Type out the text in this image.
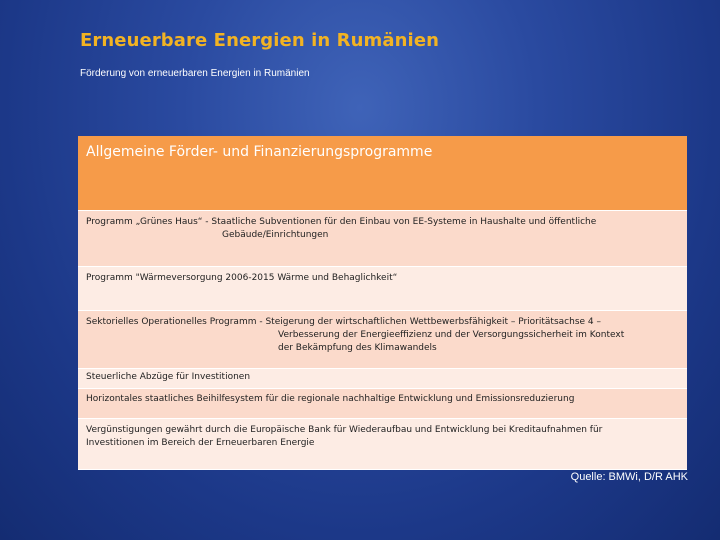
Erneuerbare Energien in Rumänien
Förderung von erneuerbaren Energien in Rumänien
Allgemeine Förder- und Finanzierungsprogramme

Programm „Grünes Haus“ - Staatliche Subventionen für den Einbau von EE-Systeme in Haushalte und öffentliche
Gebäude/Einrichtungen

Programm "Wärmeversorgung 2006-2015 Wärme und Behaglichkeit“

Sektorielles Operationelles Programm - Steigerung der wirtschaftlichen Wettbewerbsfähigkeit – Prioritätsachse 4 –
Verbesserung der Energieeffizienz und der Versorgungssicherheit im Kontext
der Bekämpfung des Klimawandels

Steuerliche Abzüge für Investitionen

Horizontales staatliches Beihilfesystem für die regionale nachhaltige Entwicklung und Emissionsreduzierung

Vergünstigungen gewährt durch die Europäische Bank für Wiederaufbau und Entwicklung bei Kreditaufnahmen für
Investitionen im Bereich der Erneuerbaren Energie
Quelle: BMWi, D/R AHK
